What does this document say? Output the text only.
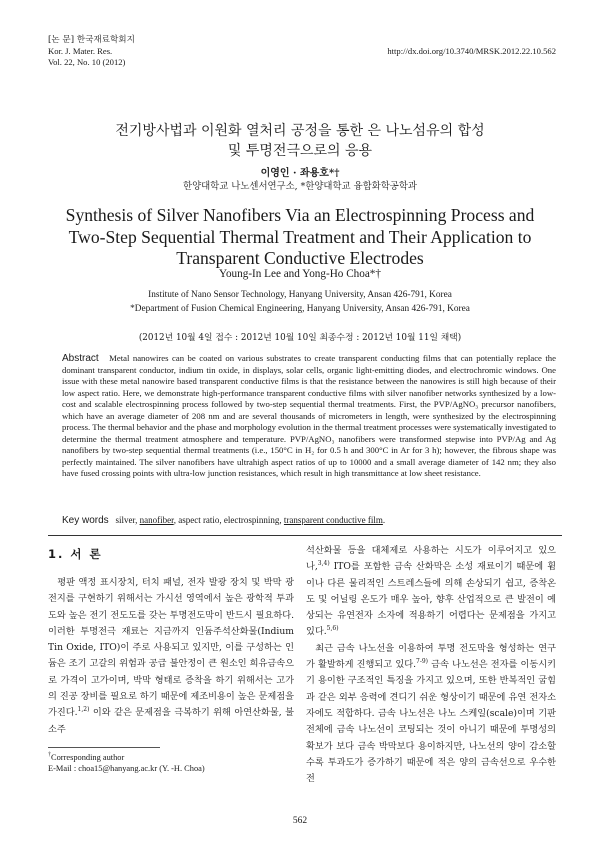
[논 문] 한국재료학회지
Kor. J. Mater. Res.
Vol. 22, No. 10 (2012)
http://dx.doi.org/10.3740/MRSK.2012.22.10.562
전기방사법과 이원화 열처리 공정을 통한 은 나노섬유의 합성
및 투명전극으로의 응용
이영인 · 좌용호*†
한양대학교 나노센서연구소, *한양대학교 융합화학공학과
Synthesis of Silver Nanofibers Via an Electrospinning Process and
Two-Step Sequential Thermal Treatment and Their Application to
Transparent Conductive Electrodes
Young-In Lee and Yong-Ho Choa*†
Institute of Nano Sensor Technology, Hanyang University, Ansan 426-791, Korea
*Department of Fusion Chemical Engineering, Hanyang University, Ansan 426-791, Korea
(2012년 10월 4일 접수 : 2012년 10월 10일 최종수정 : 2012년 10월 11일 채택)
Abstract Metal nanowires can be coated on various substrates to create transparent conducting films that can potentially replace the dominant transparent conductor, indium tin oxide, in displays, solar cells, organic light-emitting diodes, and electrochromic windows. One issue with these metal nanowire based transparent conductive films is that the resistance between the nanowires is still high because of their low aspect ratio. Here, we demonstrate high-performance transparent conductive films with silver nanofiber networks synthesized by a low-cost and scalable electrospinning process followed by two-step sequential thermal treatments. First, the PVP/AgNO₃ precursor nanofibers, which have an average diameter of 208 nm and are several thousands of micrometers in length, were synthesized by the electrospinning process. The thermal behavior and the phase and morphology evolution in the thermal treatment processes were systematically investigated to determine the thermal treatment atmosphere and temperature. PVP/AgNO₃ nanofibers were transformed stepwise into PVP/Ag and Ag nanofibers by two-step sequential thermal treatments (i.e., 150°C in H₂ for 0.5 h and 300°C in Ar for 3 h); however, the fibrous shape was perfectly maintained. The silver nanofibers have ultrahigh aspect ratios of up to 10000 and a small average diameter of 142 nm; they also have fused crossing points with ultra-low junction resistances, which result in high transmittance at low sheet resistance.
Key words silver, nanofiber, aspect ratio, electrospinning, transparent conductive film.
1. 서 론

평판 액정 표시장치, 터치 패널, 전자 발광 장치 및 박막 광전지를 구현하기 위해서는 가시선 영역에서 높은 광학적 투과도와 높은 전기 전도도를 갖는 투명전도막이 반드시 필요하다. 이러한 투명전극 재료는 지금까지 인듐주석산화물(Indium Tin Oxide, ITO)이 주로 사용되고 있지만, 이를 구성하는 인듐은 조기 고갈의 위험과 공급 불안정이 큰 원소인 희유금속으로 가격이 고가이며, 박막 형태로 증착을 하기 위해서는 고가의 진공 장비를 필요로 하기 때문에 제조비용이 높은 문제점을 가진다.$^{1,2)}$ 이와 같은 문제점을 극복하기 위해 아연산화물, 불소주

†Corresponding author
E-Mail : choa15@hanyang.ac.kr (Y. -H. Choa)

석산화물 등을 대체제로 사용하는 시도가 이루어지고 있으나,$^{3,4)}$ ITO를 포함한 금속 산화막은 소성 재료이기 때문에 휨이나 다른 물리적인 스트레스들에 의해 손상되기 쉽고, 증착온도 및 어닐링 온도가 매우 높아, 향후 산업적으로 큰 발전이 예상되는 유연전자 소자에 적용하기 어렵다는 문제점을 가지고 있다.$^{5,6)}$

최근 금속 나노선을 이용하여 투명 전도막을 형성하는 연구가 활발하게 진행되고 있다.$^{7-9)}$ 금속 나노선은 전자를 이동시키기 용이한 구조적인 특징을 가지고 있으며, 또한 반복적인 굽힘과 같은 외부 응력에 견디기 쉬운 형상이기 때문에 유연 전자소자에도 적합하다. 금속 나노선은 나노 스케일(scale)이며 기판 전체에 금속 나노선이 코팅되는 것이 아니기 때문에 투명성의 확보가 보다 금속 박막보다 용이하지만, 나노선의 양이 감소할수록 투과도가 증가하기 때문에 적은 양의 금속선으로 우수한 전

562
